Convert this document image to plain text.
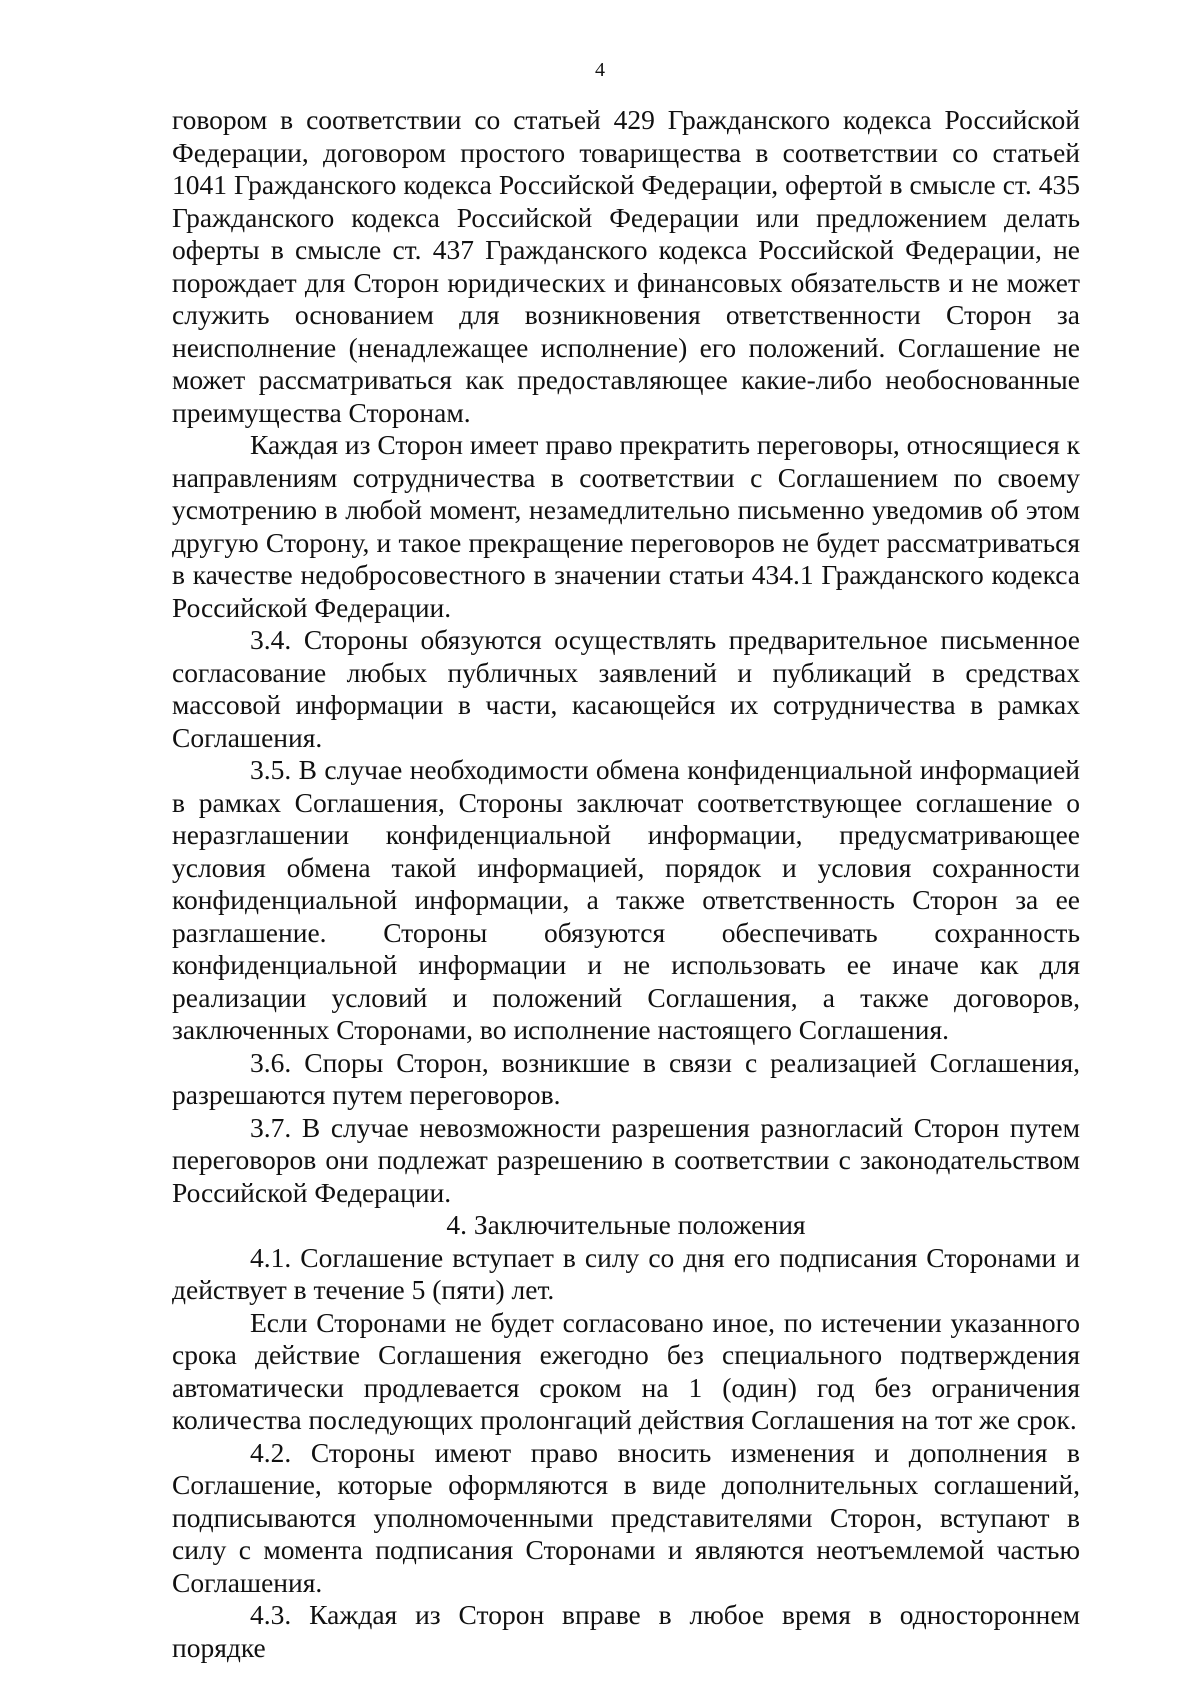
4

говором в соответствии со статьей 429 Гражданского кодекса Российской Федерации, договором простого товарищества в соответствии со статьей 1041 Гражданского кодекса Российской Федерации, офертой в смысле ст. 435 Гражданского кодекса Российской Федерации или предложением делать оферты в смысле ст. 437 Гражданского кодекса Российской Федерации, не порождает для Сторон юридических и финансовых обязательств и не может служить основанием для возникновения ответственности Сторон за неисполнение (ненадлежащее исполнение) его положений. Соглашение не может рассматриваться как предоставляющее какие-либо необоснованные преимущества Сторонам.

Каждая из Сторон имеет право прекратить переговоры, относящиеся к направлениям сотрудничества в соответствии с Соглашением по своему усмотрению в любой момент, незамедлительно письменно уведомив об этом другую Сторону, и такое прекращение переговоров не будет рассматриваться в качестве недобросовестного в значении статьи 434.1 Гражданского кодекса Российской Федерации.

3.4. Стороны обязуются осуществлять предварительное письменное согласование любых публичных заявлений и публикаций в средствах массовой информации в части, касающейся их сотрудничества в рамках Соглашения.

3.5. В случае необходимости обмена конфиденциальной информацией в рамках Соглашения, Стороны заключат соответствующее соглашение о неразглашении конфиденциальной информации, предусматривающее условия обмена такой информацией, порядок и условия сохранности конфиденциальной информации, а также ответственность Сторон за ее разглашение. Стороны обязуются обеспечивать сохранность конфиденциальной информации и не использовать ее иначе как для реализации условий и положений Соглашения, а также договоров, заключенных Сторонами, во исполнение настоящего Соглашения.

3.6. Споры Сторон, возникшие в связи с реализацией Соглашения, разрешаются путем переговоров.

3.7. В случае невозможности разрешения разногласий Сторон путем переговоров они подлежат разрешению в соответствии с законодательством Российской Федерации.

4. Заключительные положения

4.1. Соглашение вступает в силу со дня его подписания Сторонами и действует в течение 5 (пяти) лет.

Если Сторонами не будет согласовано иное, по истечении указанного срока действие Соглашения ежегодно без специального подтверждения автоматически продлевается сроком на 1 (один) год без ограничения количества последующих пролонгаций действия Соглашения на тот же срок.

4.2. Стороны имеют право вносить изменения и дополнения в Соглашение, которые оформляются в виде дополнительных соглашений, подписываются уполномоченными представителями Сторон, вступают в силу с момента подписания Сторонами и являются неотъемлемой частью Соглашения.

4.3. Каждая из Сторон вправе в любое время в одностороннем порядке
